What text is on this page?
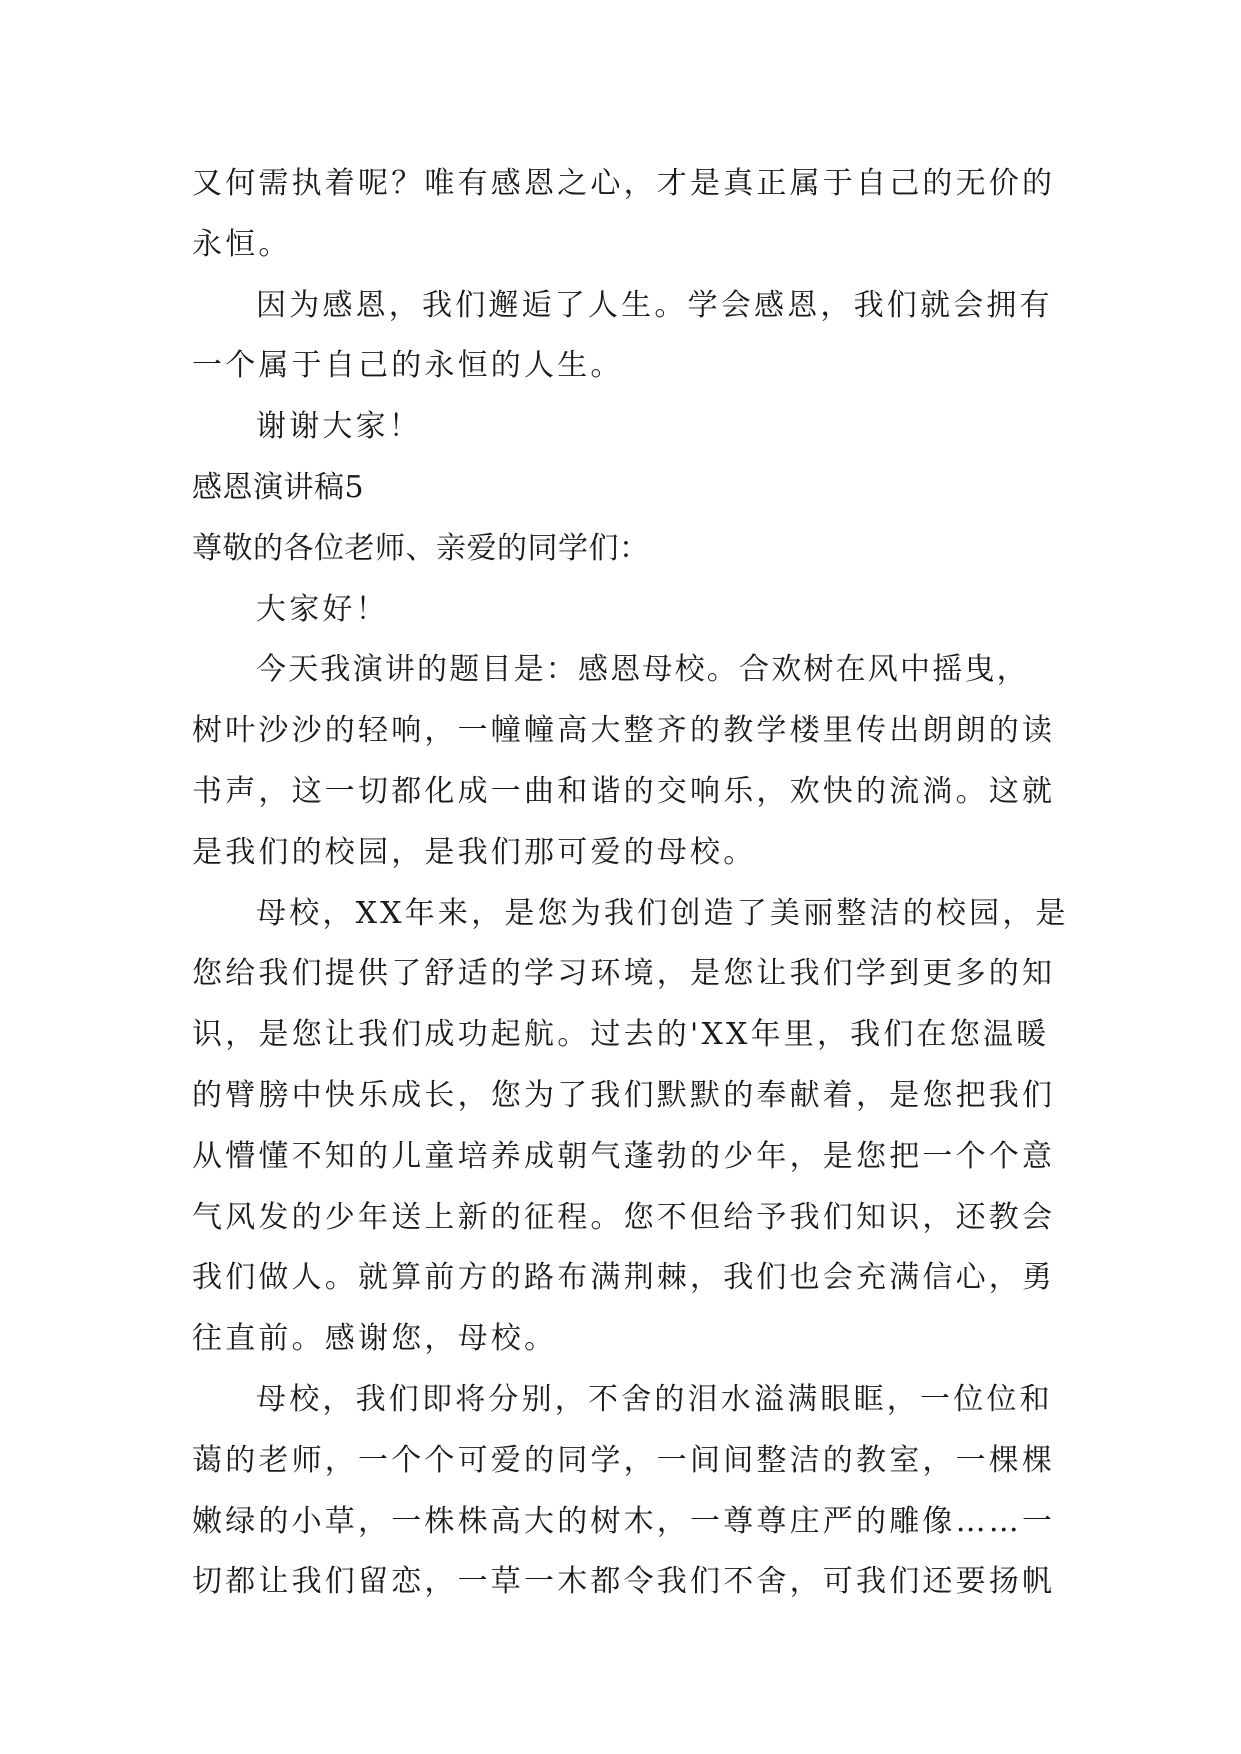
又何需执着呢？唯有感恩之心，才是真正属于自己的无价的
永恒。
因为感恩，我们邂逅了人生。学会感恩，我们就会拥有
一个属于自己的永恒的人生。
谢谢大家！
感恩演讲稿5
尊敬的各位老师、亲爱的同学们：
大家好！
今天我演讲的题目是：感恩母校。合欢树在风中摇曳，
树叶沙沙的轻响，一幢幢高大整齐的教学楼里传出朗朗的读
书声，这一切都化成一曲和谐的交响乐，欢快的流淌。这就
是我们的校园，是我们那可爱的母校。
母校，XX年来，是您为我们创造了美丽整洁的校园，是
您给我们提供了舒适的学习环境，是您让我们学到更多的知
识，是您让我们成功起航。过去的'XX年里，我们在您温暖
的臂膀中快乐成长，您为了我们默默的奉献着，是您把我们
从懵懂不知的儿童培养成朝气蓬勃的少年，是您把一个个意
气风发的少年送上新的征程。您不但给予我们知识，还教会
我们做人。就算前方的路布满荆棘，我们也会充满信心，勇
往直前。感谢您，母校。
母校，我们即将分别，不舍的泪水溢满眼眶，一位位和
蔼的老师，一个个可爱的同学，一间间整洁的教室，一棵棵
嫩绿的小草，一株株高大的树木，一尊尊庄严的雕像……一
切都让我们留恋，一草一木都令我们不舍，可我们还要扬帆
